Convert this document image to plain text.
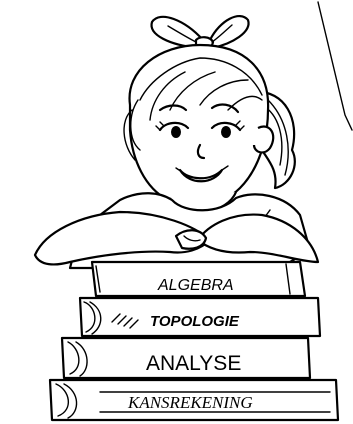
ALGEBRA
TOPOLOGIE
ANALYSE
KANSREKENING
